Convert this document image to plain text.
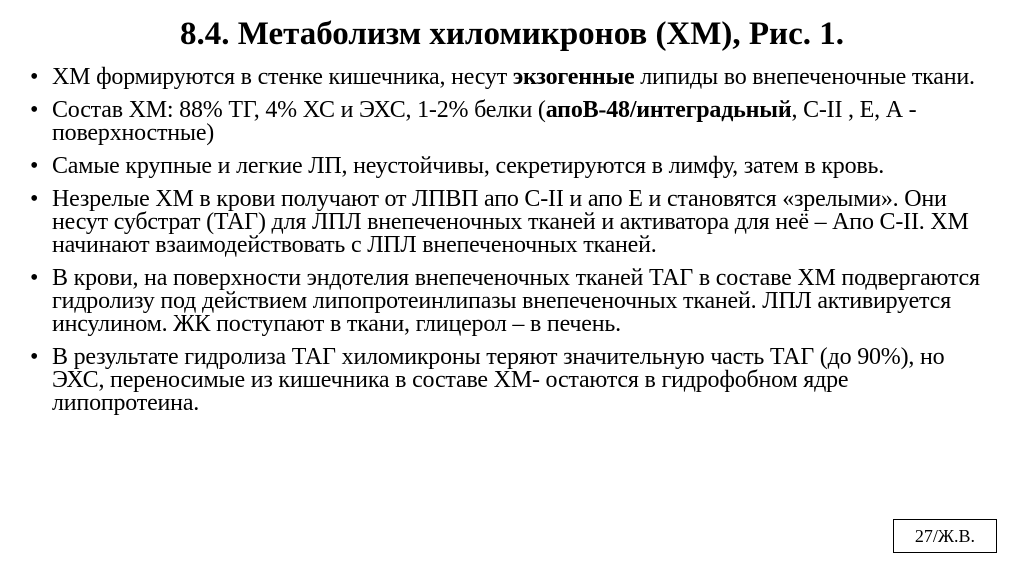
8.4. Метаболизм хиломикронов (ХМ), Рис. 1.
• ХМ формируются в стенке кишечника, несут экзогенные липиды во внепеченочные ткани.
• Состав ХМ: 88% ТГ, 4% ХС и ЭХС, 1-2% белки (апоВ-48/интеградьный, С-II , Е, А - поверхностные)
• Самые крупные и легкие ЛП, неустойчивы, секретируются в лимфу, затем в кровь.
• Незрелые ХМ в крови получают от ЛПВП апо С-II и апо Е и становятся «зрелыми». Они несут субстрат (ТАГ) для ЛПЛ внепеченочных тканей и активатора для неё – Апо С-II. ХМ начинают взаимодействовать с ЛПЛ внепеченочных тканей.
• В крови, на поверхности эндотелия внепеченочных тканей ТАГ в составе ХМ подвергаются гидролизу под действием липопротеинлипазы внепеченочных тканей. ЛПЛ активируется инсулином. ЖК поступают в ткани, глицерол – в печень.
• В результате гидролиза ТАГ хиломикроны теряют значительную часть ТАГ (до 90%), но ЭХС, переносимые из кишечника в составе ХМ- остаются в гидрофобном ядре липопротеина.
27/Ж.В.
